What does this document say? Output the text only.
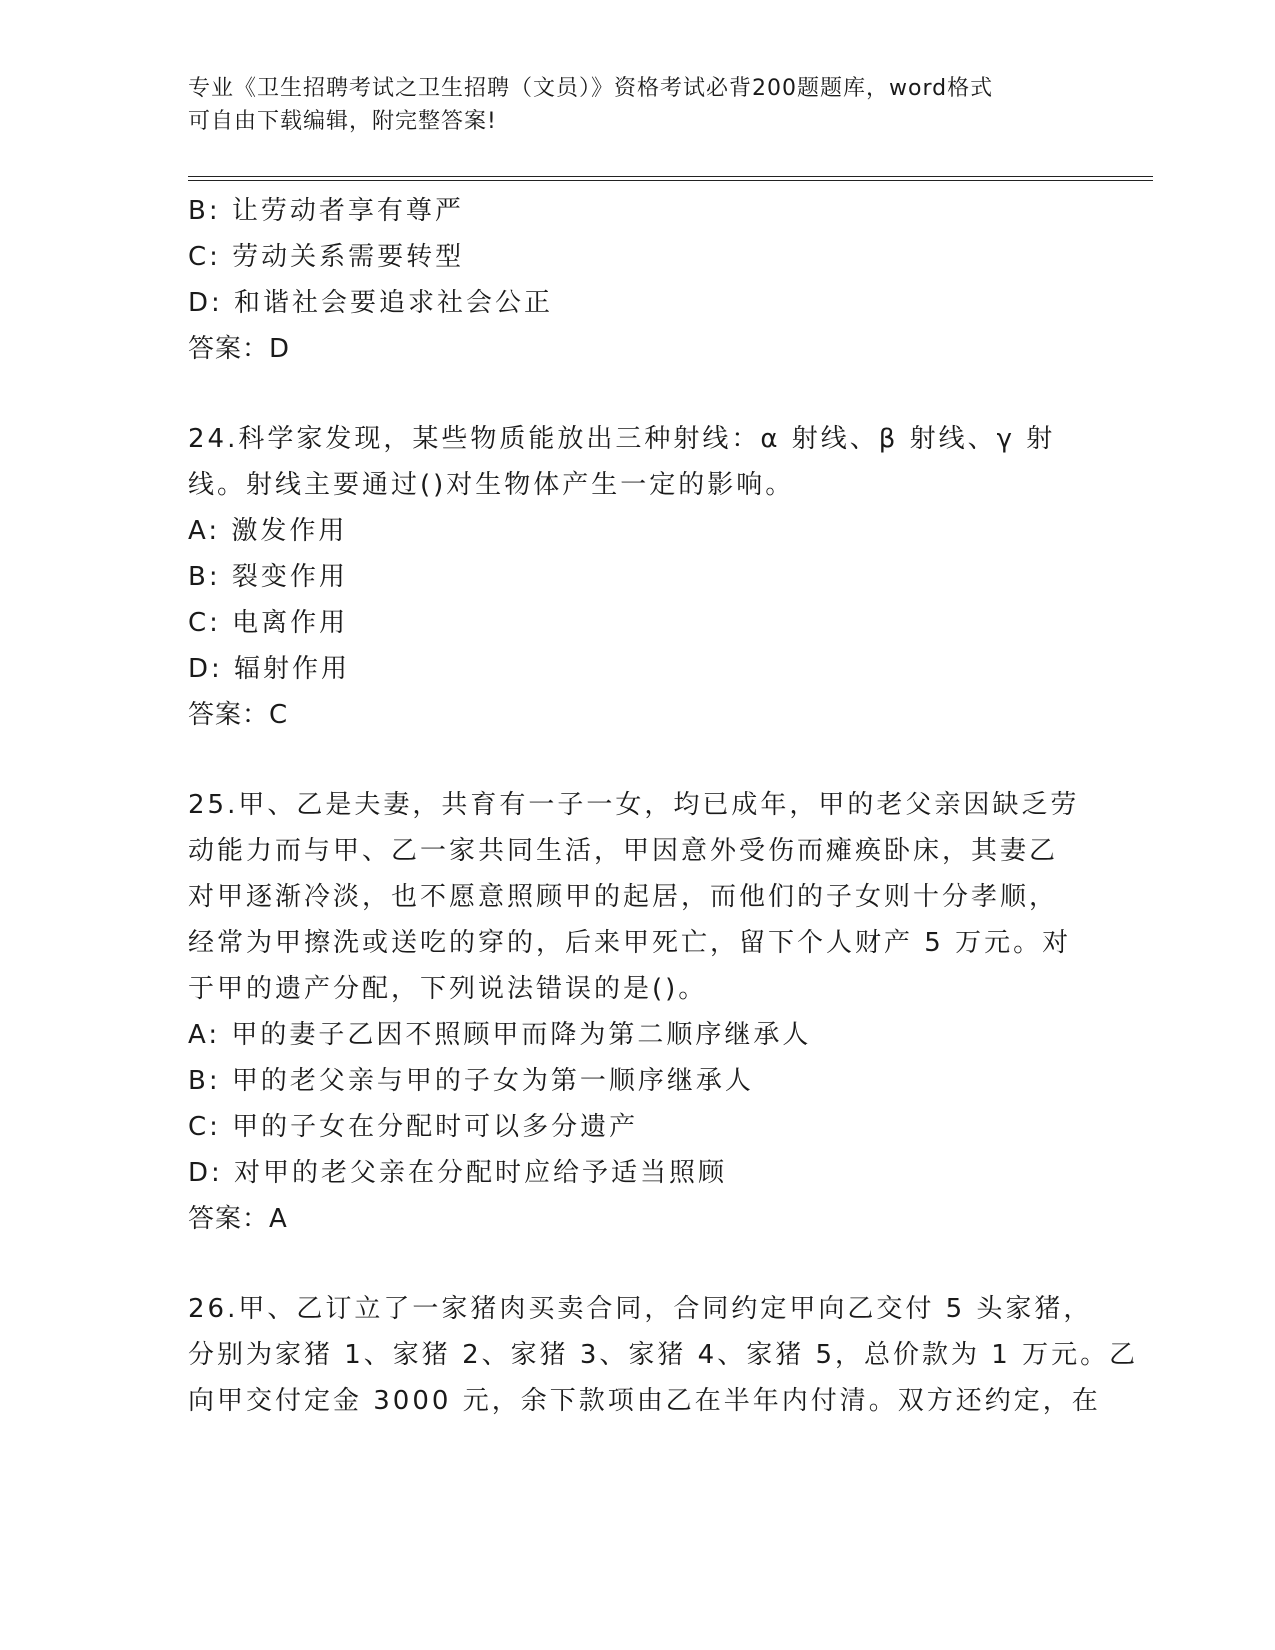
专业《卫生招聘考试之卫生招聘（文员）》资格考试必背200题题库，word格式
可自由下载编辑，附完整答案!
B: 让劳动者享有尊严
C: 劳动关系需要转型
D: 和谐社会要追求社会公正
答案：D
24.科学家发现，某些物质能放出三种射线：α 射线、β 射线、γ 射
线。射线主要通过()对生物体产生一定的影响。
A: 激发作用
B: 裂变作用
C: 电离作用
D: 辐射作用
答案：C
25.甲、乙是夫妻，共育有一子一女，均已成年，甲的老父亲因缺乏劳
动能力而与甲、乙一家共同生活，甲因意外受伤而瘫痪卧床，其妻乙
对甲逐渐冷淡，也不愿意照顾甲的起居，而他们的子女则十分孝顺，
经常为甲擦洗或送吃的穿的，后来甲死亡，留下个人财产 5 万元。对
于甲的遗产分配，下列说法错误的是()。
A: 甲的妻子乙因不照顾甲而降为第二顺序继承人
B: 甲的老父亲与甲的子女为第一顺序继承人
C: 甲的子女在分配时可以多分遗产
D: 对甲的老父亲在分配时应给予适当照顾
答案：A
26.甲、乙订立了一家猪肉买卖合同，合同约定甲向乙交付 5 头家猪，
分别为家猪 1、家猪 2、家猪 3、家猪 4、家猪 5，总价款为 1 万元。乙
向甲交付定金 3000 元，余下款项由乙在半年内付清。双方还约定，在
